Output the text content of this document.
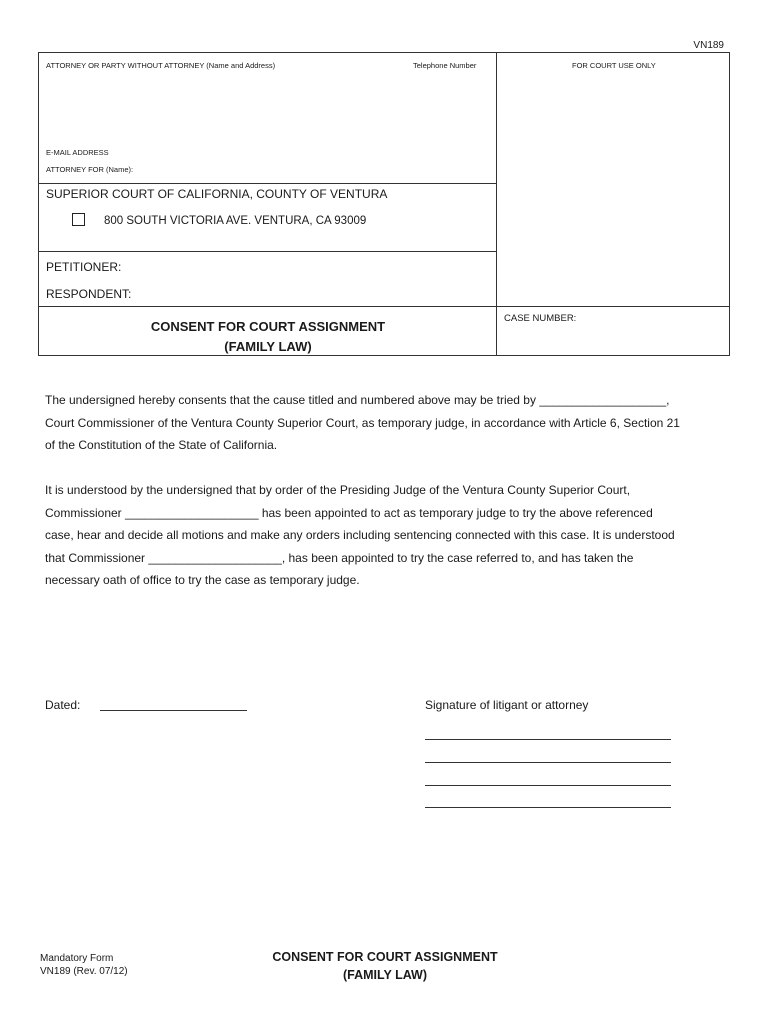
VN189
ATTORNEY OR PARTY WITHOUT ATTORNEY (Name and Address)	Telephone Number	FOR COURT USE ONLY
E-MAIL ADDRESS
ATTORNEY FOR (Name):
SUPERIOR COURT OF CALIFORNIA, COUNTY OF VENTURA
800 SOUTH VICTORIA AVE. VENTURA, CA 93009
PETITIONER:
RESPONDENT:
CASE NUMBER:
CONSENT FOR COURT ASSIGNMENT
(FAMILY LAW)
The undersigned hereby consents that the cause titled and numbered above may be tried by ___________________,
Court Commissioner of the Ventura County Superior Court, as temporary judge, in accordance with Article 6, Section 21
of the Constitution of the State of California.
It is understood by the undersigned that by order of the Presiding Judge of the Ventura County Superior Court,
Commissioner ____________________ has been appointed to act as temporary judge to try the above referenced
case, hear and decide all motions and make any orders including sentencing connected with this case. It is understood
that Commissioner ____________________, has been appointed to try the case referred to, and has taken the
necessary oath of office to try the case as temporary judge.
Dated:	Signature of litigant or attorney
Mandatory Form
VN189 (Rev. 07/12)
CONSENT FOR COURT ASSIGNMENT
(FAMILY LAW)
